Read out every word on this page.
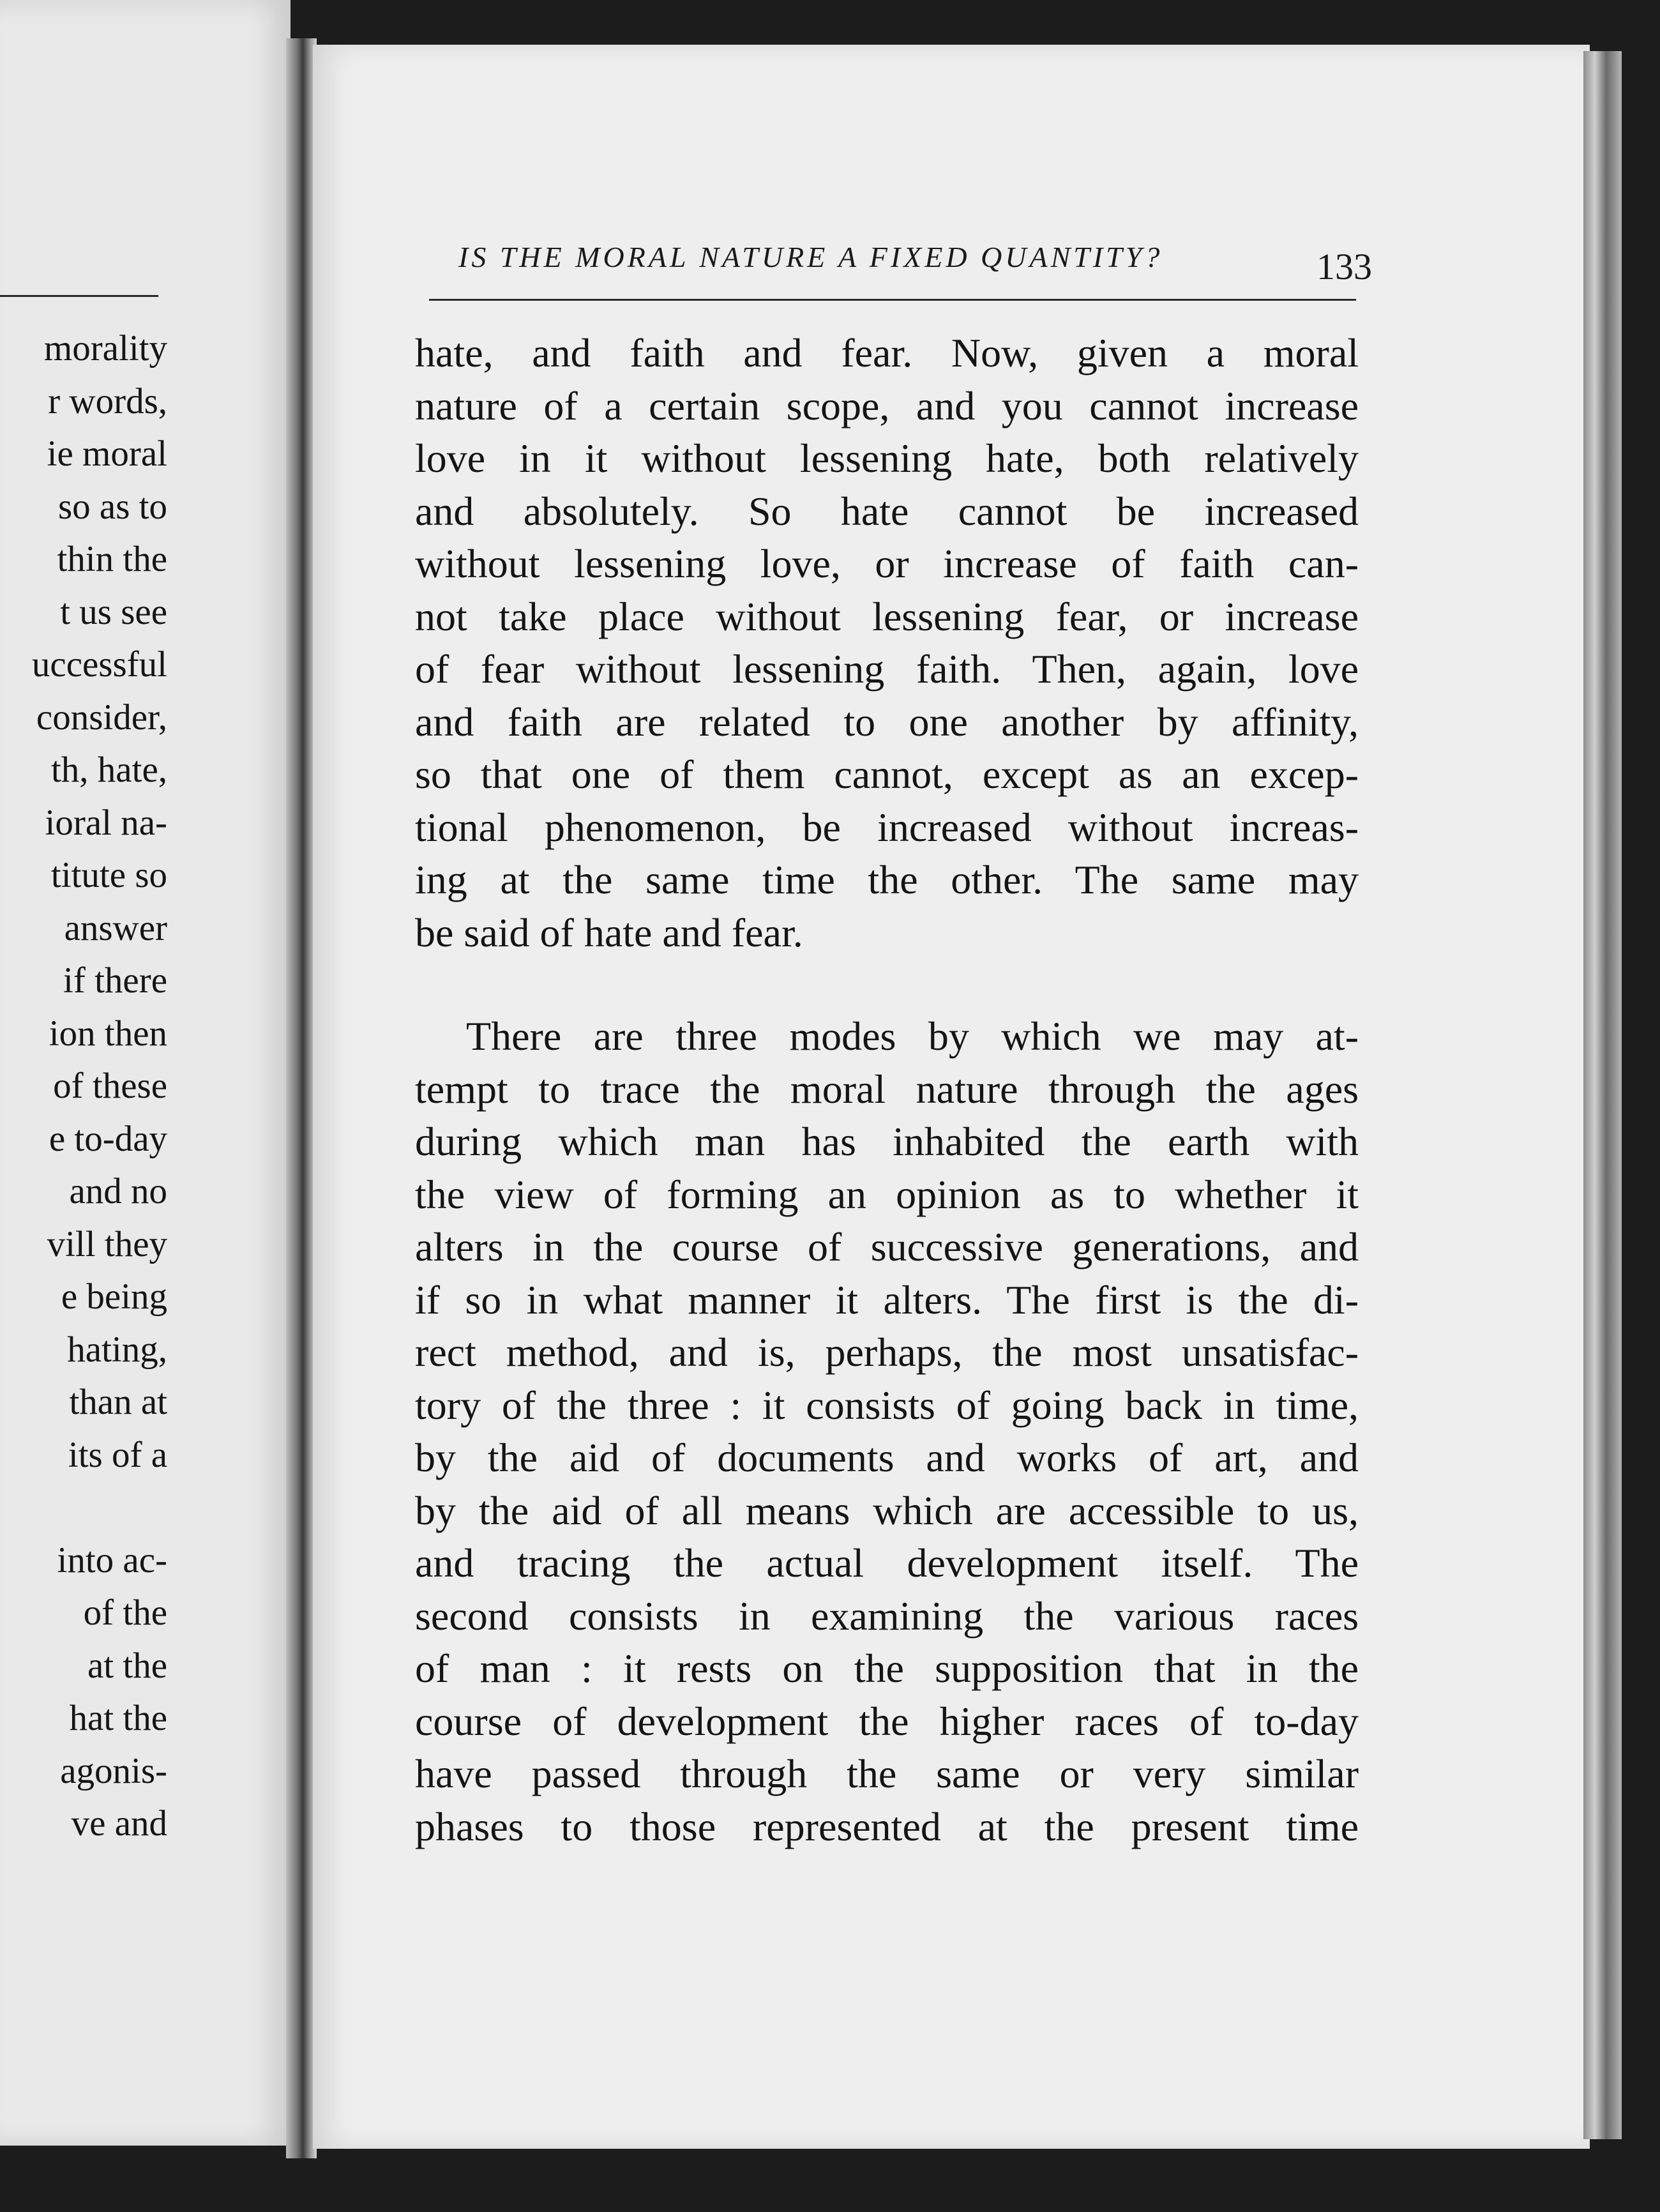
morality
r words,
ie moral
so as to
thin the
t us see
uccessful
consider,
th, hate,
ioral na-
titute so
answer
if there
ion then
of these
e to-day
and no
vill they
e being
hating,
than at
its of a
into ac-
of the
at the
hat the
agonis-
ve and
IS THE MORAL NATURE A FIXED QUANTITY?	133
hate, and faith and fear. Now, given a moral
nature of a certain scope, and you cannot increase
love in it without lessening hate, both relatively
and absolutely. So hate cannot be increased
without lessening love, or increase of faith can-
not take place without lessening fear, or increase
of fear without lessening faith. Then, again, love
and faith are related to one another by affinity,
so that one of them cannot, except as an excep-
tional phenomenon, be increased without increas-
ing at the same time the other. The same may
be said of hate and fear.
There are three modes by which we may at-
tempt to trace the moral nature through the ages
during which man has inhabited the earth with
the view of forming an opinion as to whether it
alters in the course of successive generations, and
if so in what manner it alters. The first is the di-
rect method, and is, perhaps, the most unsatisfac-
tory of the three : it consists of going back in time,
by the aid of documents and works of art, and
by the aid of all means which are accessible to us,
and tracing the actual development itself. The
second consists in examining the various races
of man : it rests on the supposition that in the
course of development the higher races of to-day
have passed through the same or very similar
phases to those represented at the present time
